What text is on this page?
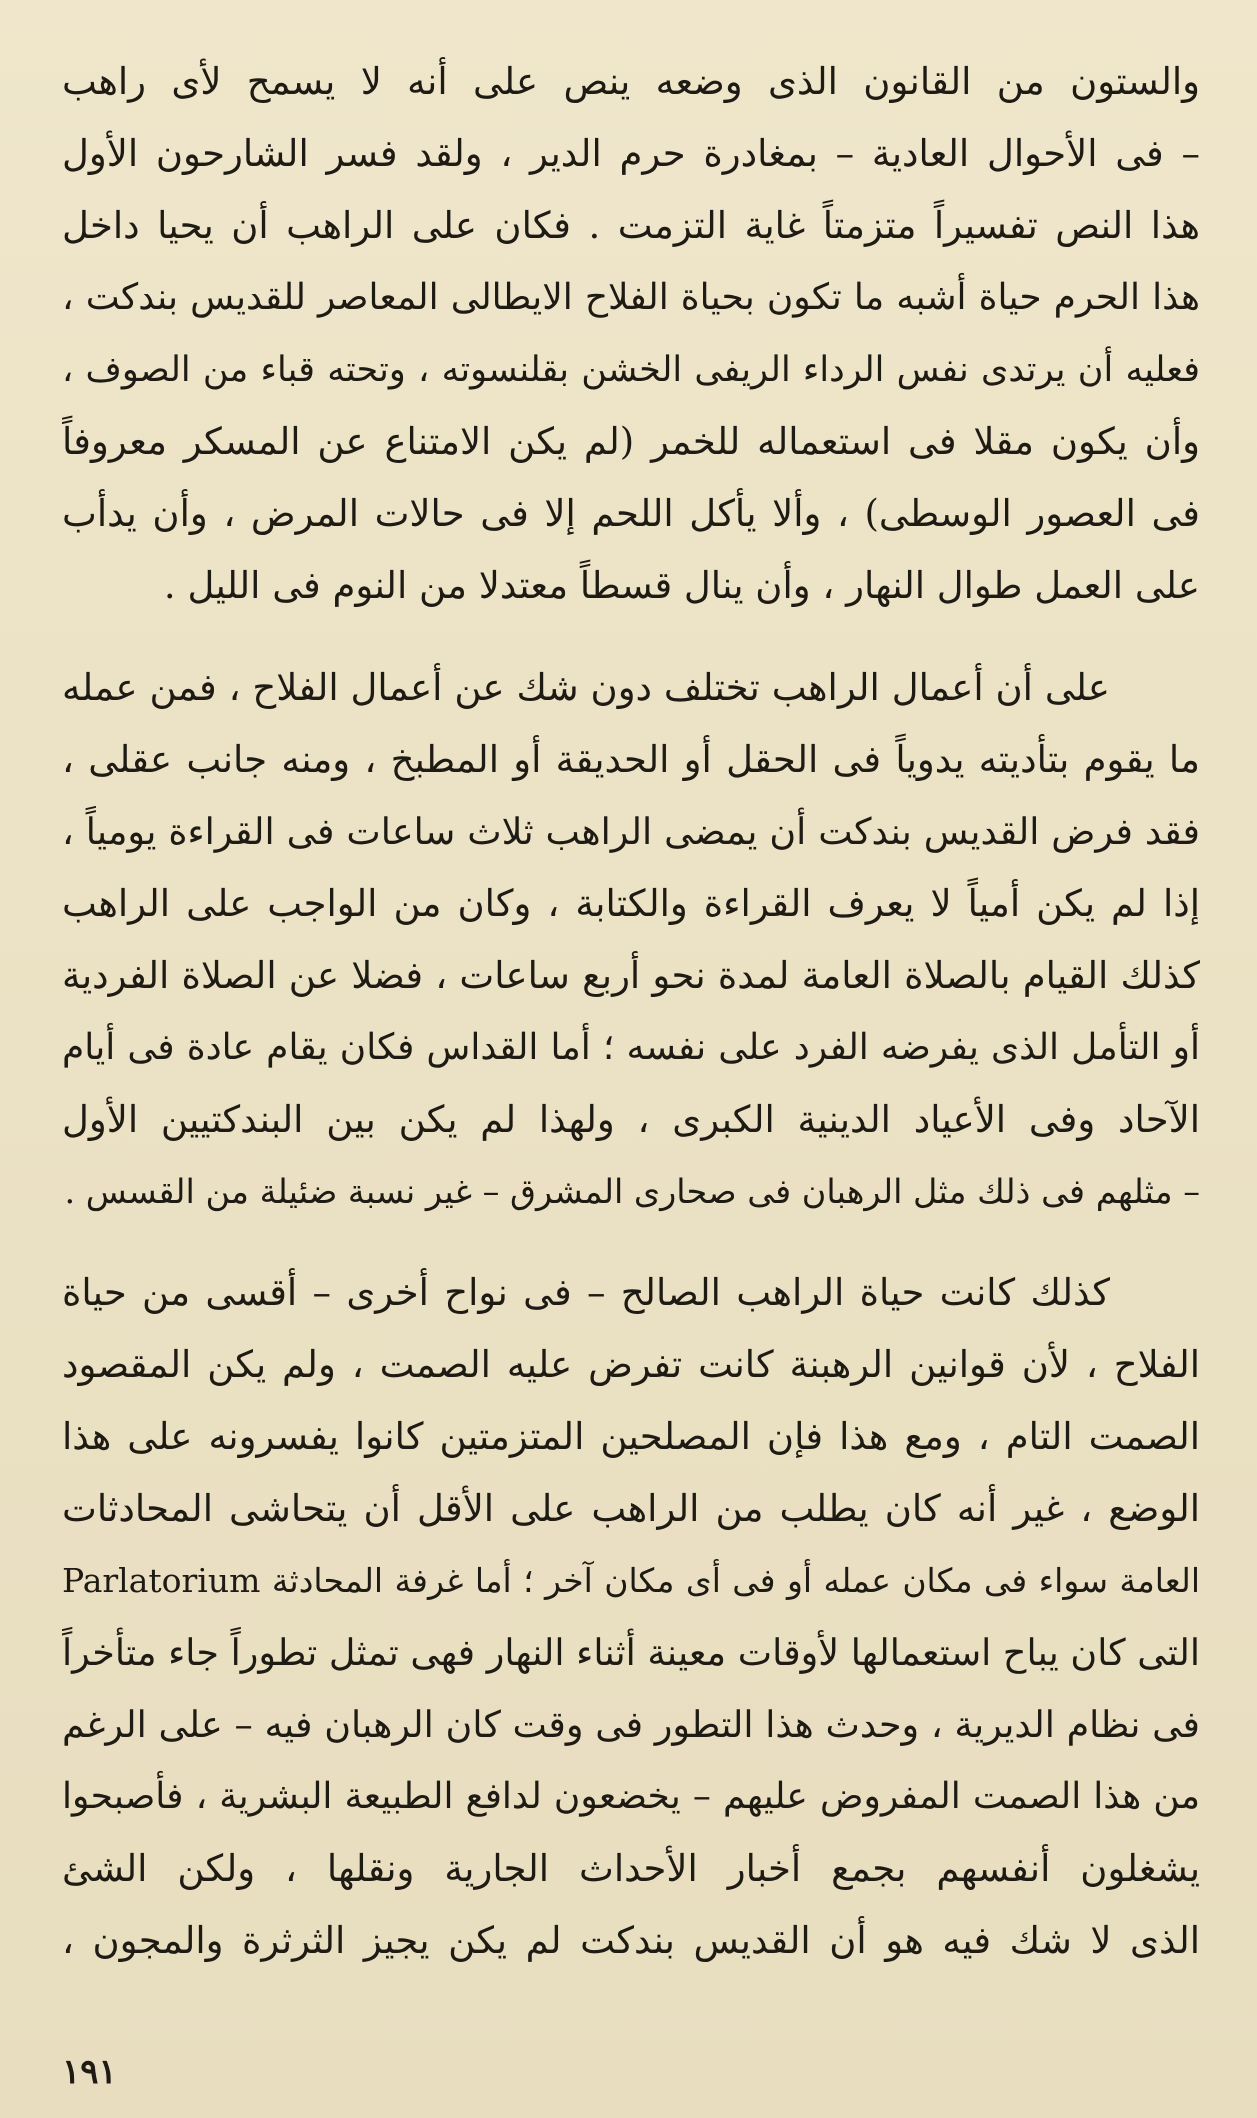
والستون من القانون الذى وضعه ينص على أنه لا يسمح لأى راهب
– فى الأحوال العادية – بمغادرة حرم الدير ، ولقد فسر الشارحون الأول
هذا النص تفسيراً متزمتاً غاية التزمت . فكان على الراهب أن يحيا داخل
هذا الحرم حياة أشبه ما تكون بحياة الفلاح الايطالى المعاصر للقديس بندكت ،
فعليه أن يرتدى نفس الرداء الريفى الخشن بقلنسوته ، وتحته قباء من الصوف ،
وأن يكون مقلا فى استعماله للخمر (لم يكن الامتناع عن المسكر معروفاً
فى العصور الوسطى) ، وألا يأكل اللحم إلا فى حالات المرض ، وأن يدأب
على العمل طوال النهار ، وأن ينال قسطاً معتدلا من النوم فى الليل .
على أن أعمال الراهب تختلف دون شك عن أعمال الفلاح ، فمن عمله
ما يقوم بتأديته يدوياً فى الحقل أو الحديقة أو المطبخ ، ومنه جانب عقلى ،
فقد فرض القديس بندكت أن يمضى الراهب ثلاث ساعات فى القراءة يومياً ،
إذا لم يكن أمياً لا يعرف القراءة والكتابة ، وكان من الواجب على الراهب
كذلك القيام بالصلاة العامة لمدة نحو أربع ساعات ، فضلا عن الصلاة الفردية
أو التأمل الذى يفرضه الفرد على نفسه ؛ أما القداس فكان يقام عادة فى أيام
الآحاد وفى الأعياد الدينية الكبرى ، ولهذا لم يكن بين البندكتيين الأول
– مثلهم فى ذلك مثل الرهبان فى صحارى المشرق – غير نسبة ضئيلة من القسس .
كذلك كانت حياة الراهب الصالح – فى نواح أخرى – أقسى من حياة
الفلاح ، لأن قوانين الرهبنة كانت تفرض عليه الصمت ، ولم يكن المقصود
الصمت التام ، ومع هذا فإن المصلحين المتزمتين كانوا يفسرونه على هذا
الوضع ، غير أنه كان يطلب من الراهب على الأقل أن يتحاشى المحادثات
العامة سواء فى مكان عمله أو فى أى مكان آخر ؛ أما غرفة المحادثة Parlatorium
التى كان يباح استعمالها لأوقات معينة أثناء النهار فهى تمثل تطوراً جاء متأخراً
فى نظام الديرية ، وحدث هذا التطور فى وقت كان الرهبان فيه – على الرغم
من هذا الصمت المفروض عليهم – يخضعون لدافع الطبيعة البشرية ، فأصبحوا
يشغلون أنفسهم بجمع أخبار الأحداث الجارية ونقلها ، ولكن الشئ
الذى لا شك فيه هو أن القديس بندكت لم يكن يجيز الثرثرة والمجون ،
١٩١
